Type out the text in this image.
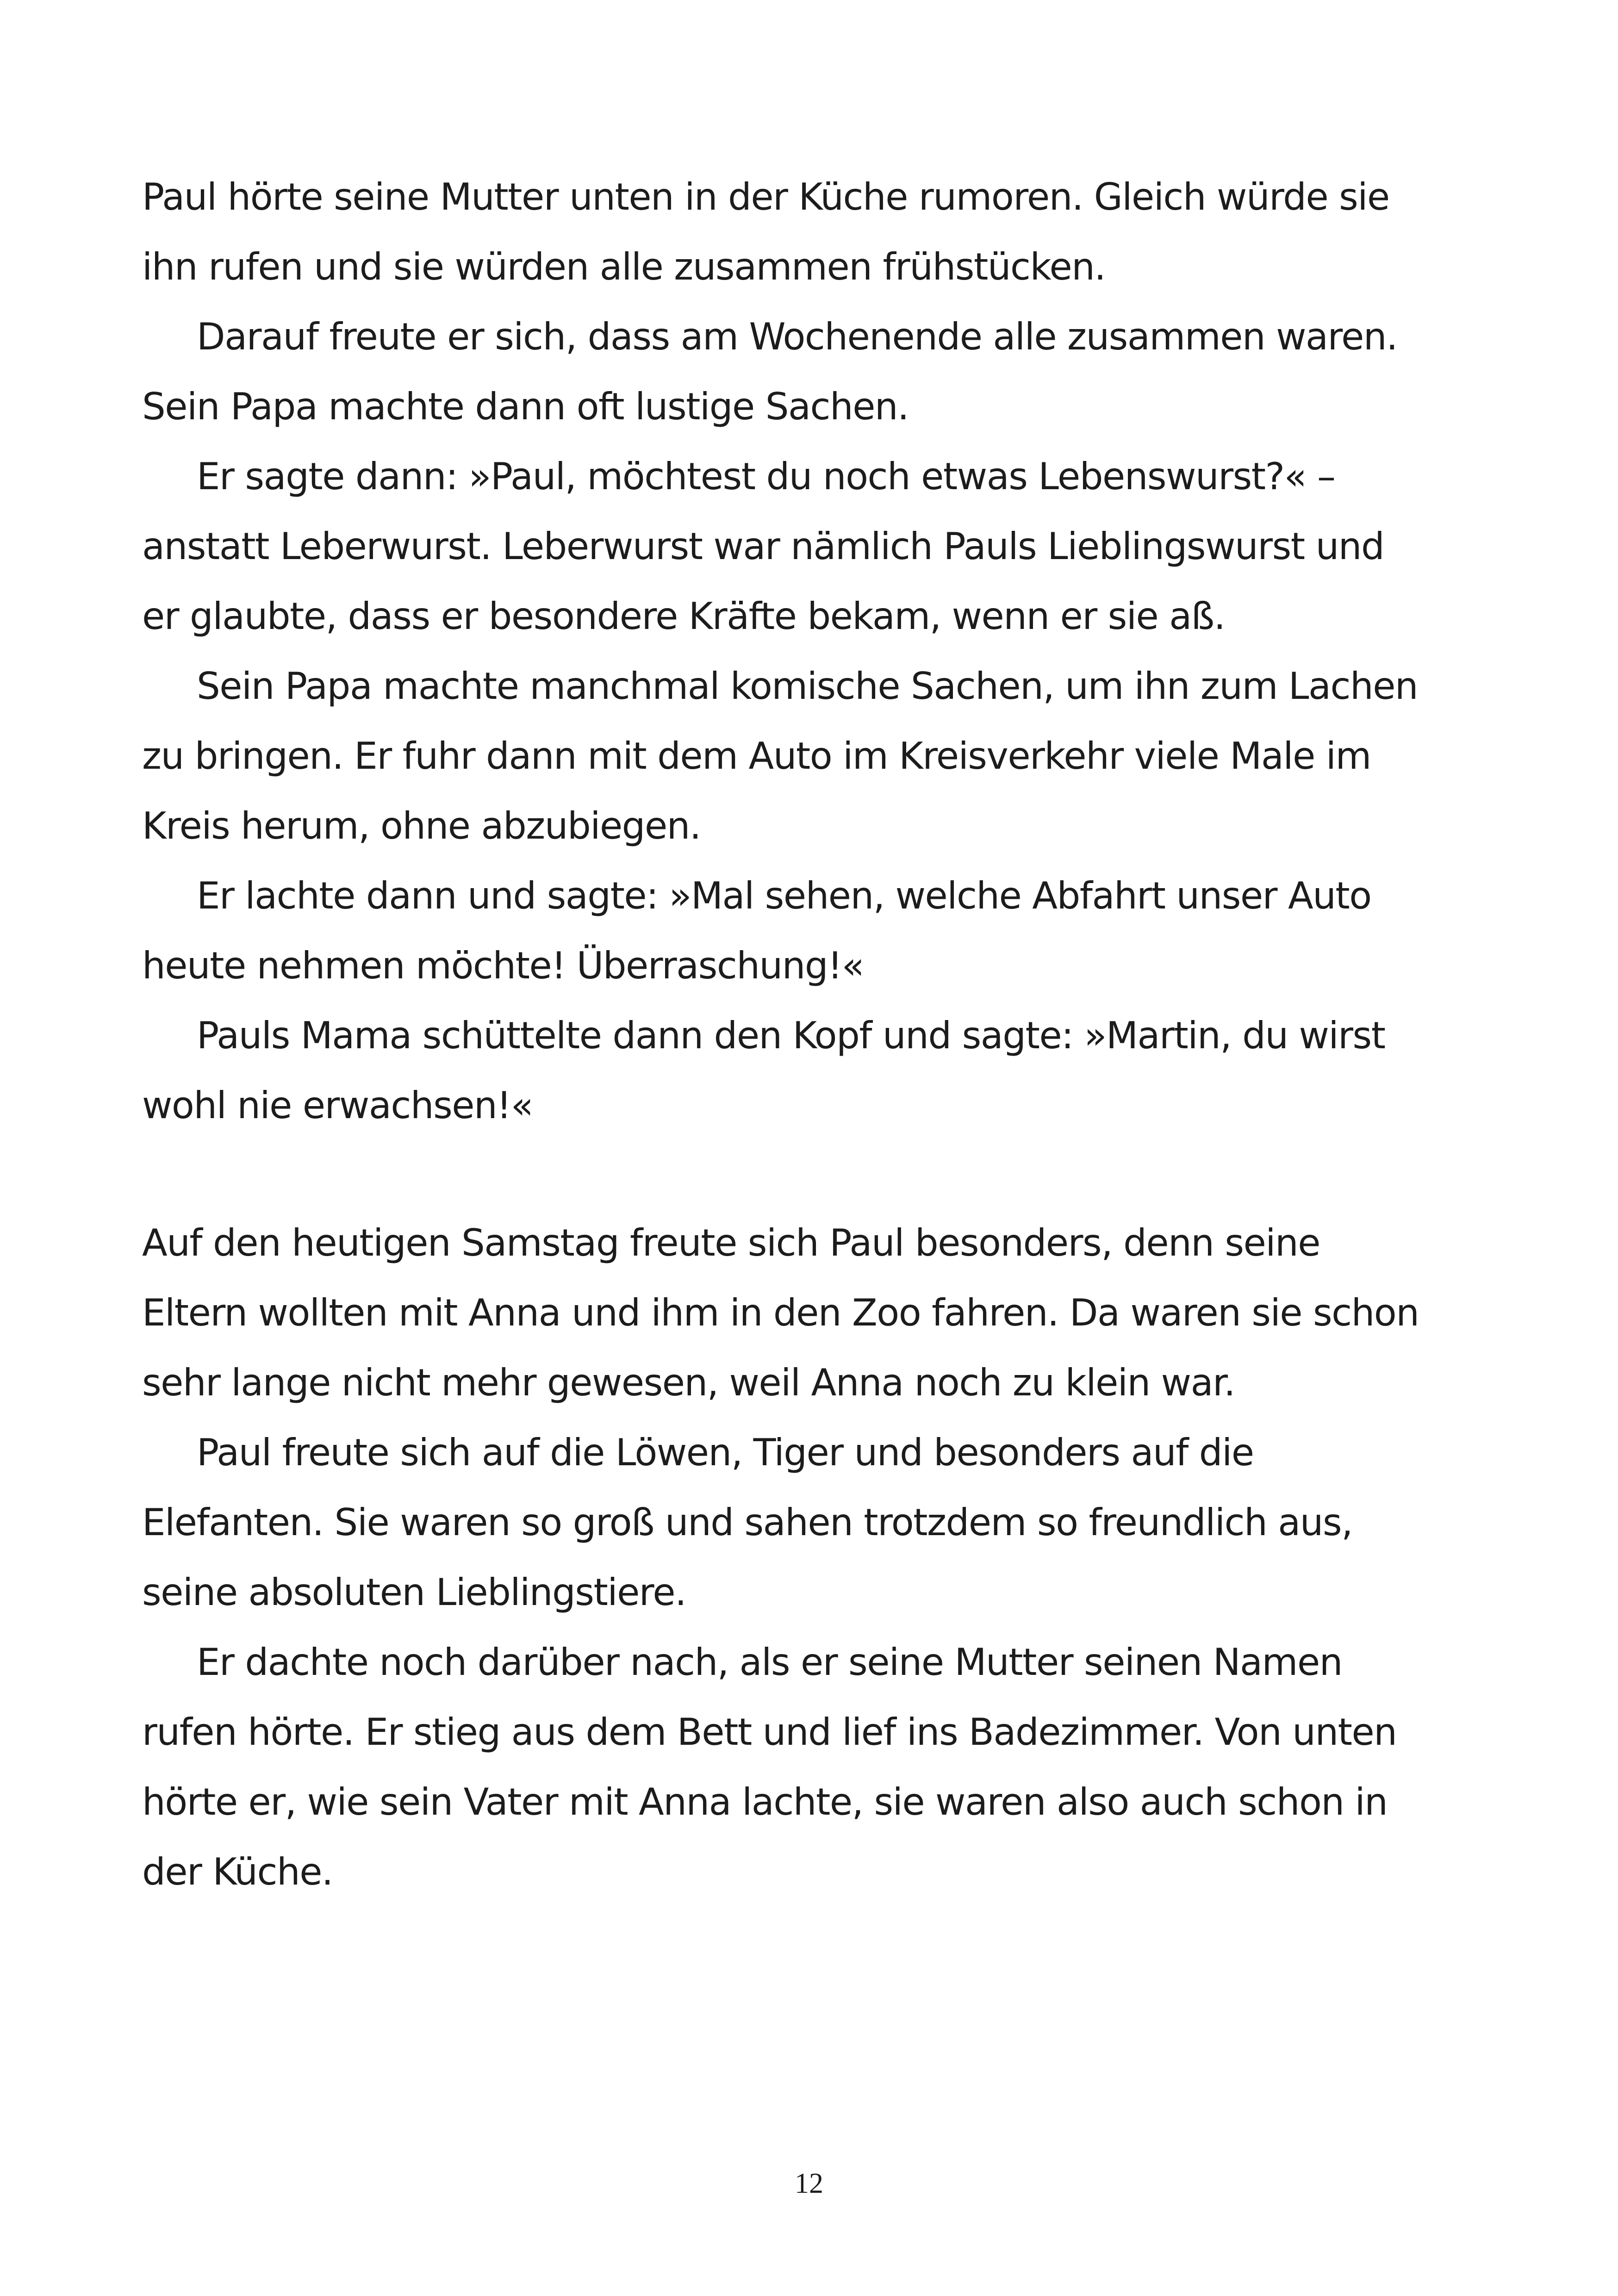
Paul hörte seine Mutter unten in der Küche rumoren. Gleich würde sie ihn rufen und sie würden alle zusammen frühstücken.

Darauf freute er sich, dass am Wochenende alle zusammen waren. Sein Papa machte dann oft lustige Sachen.

Er sagte dann: »Paul, möchtest du noch etwas Lebenswurst?« – anstatt Leberwurst. Leberwurst war nämlich Pauls Lieblingswurst und er glaubte, dass er besondere Kräfte bekam, wenn er sie aß.

Sein Papa machte manchmal komische Sachen, um ihn zum Lachen zu bringen. Er fuhr dann mit dem Auto im Kreisverkehr viele Male im Kreis herum, ohne abzubiegen.

Er lachte dann und sagte: »Mal sehen, welche Abfahrt unser Auto heute nehmen möchte! Überraschung!«

Pauls Mama schüttelte dann den Kopf und sagte: »Martin, du wirst wohl nie erwachsen!«

Auf den heutigen Samstag freute sich Paul besonders, denn seine Eltern wollten mit Anna und ihm in den Zoo fahren. Da waren sie schon sehr lange nicht mehr gewesen, weil Anna noch zu klein war.

Paul freute sich auf die Löwen, Tiger und besonders auf die Elefanten. Sie waren so groß und sahen trotzdem so freundlich aus, seine absoluten Lieblingstiere.

Er dachte noch darüber nach, als er seine Mutter seinen Namen rufen hörte. Er stieg aus dem Bett und lief ins Badezimmer. Von unten hörte er, wie sein Vater mit Anna lachte, sie waren also auch schon in der Küche.

12
